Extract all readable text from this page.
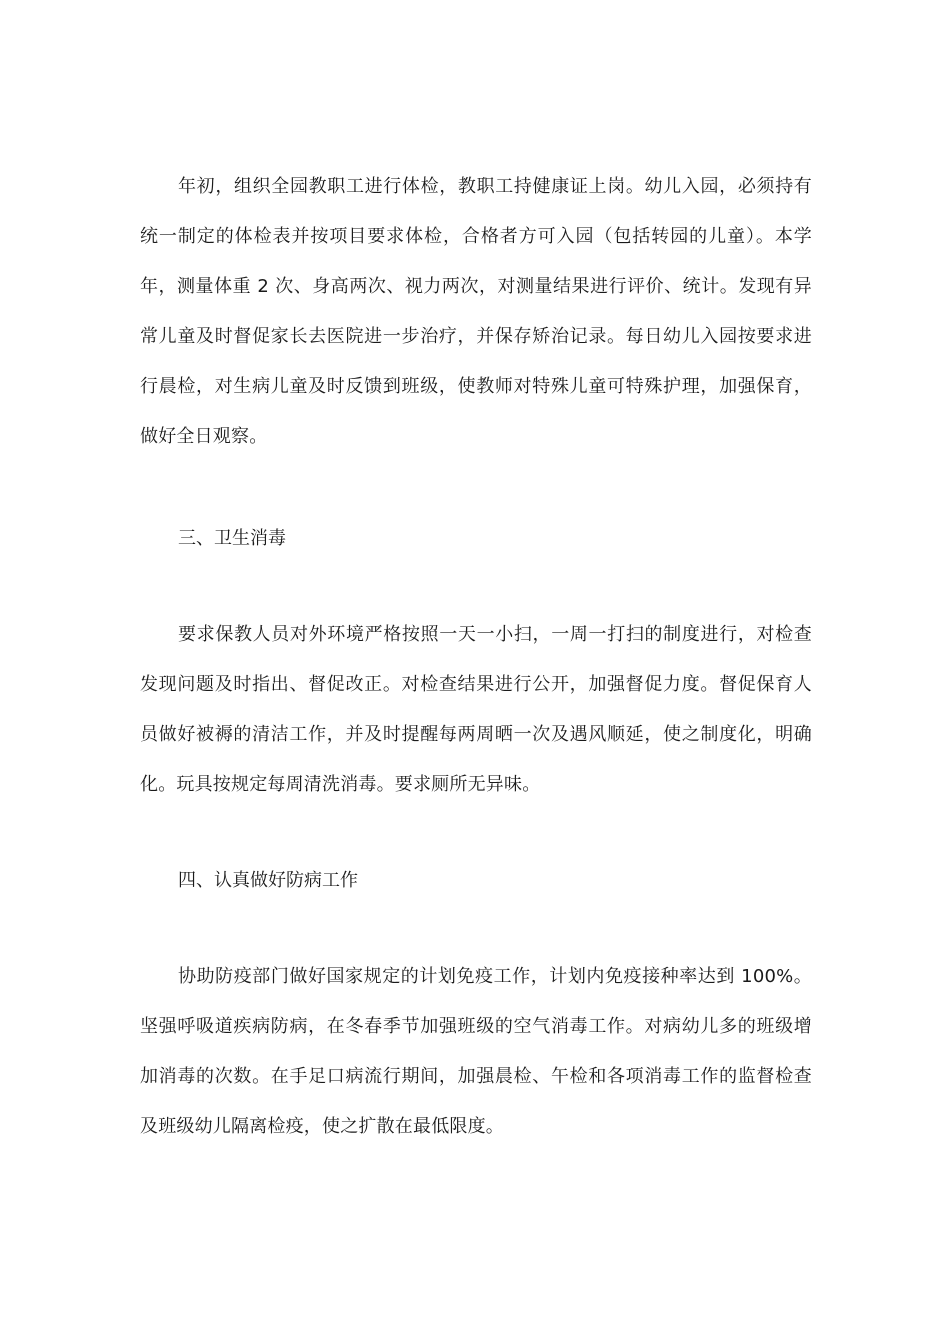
年初，组织全园教职工进行体检，教职工持健康证上岗。幼儿入园，必须持有统一制定的体检表并按项目要求体检，合格者方可入园（包括转园的儿童）。本学年，测量体重 2 次、身高两次、视力两次，对测量结果进行评价、统计。发现有异常儿童及时督促家长去医院进一步治疗，并保存矫治记录。每日幼儿入园按要求进行晨检，对生病儿童及时反馈到班级，使教师对特殊儿童可特殊护理，加强保育，做好全日观察。

三、卫生消毒

要求保教人员对外环境严格按照一天一小扫，一周一打扫的制度进行，对检查发现问题及时指出、督促改正。对检查结果进行公开，加强督促力度。督促保育人员做好被褥的清洁工作，并及时提醒每两周晒一次及遇风顺延，使之制度化，明确化。玩具按规定每周清洗消毒。要求厕所无异味。

四、认真做好防病工作

协助防疫部门做好国家规定的计划免疫工作，计划内免疫接种率达到 100%。坚强呼吸道疾病防病，在冬春季节加强班级的空气消毒工作。对病幼儿多的班级增加消毒的次数。在手足口病流行期间，加强晨检、午检和各项消毒工作的监督检查及班级幼儿隔离检疫，使之扩散在最低限度。
